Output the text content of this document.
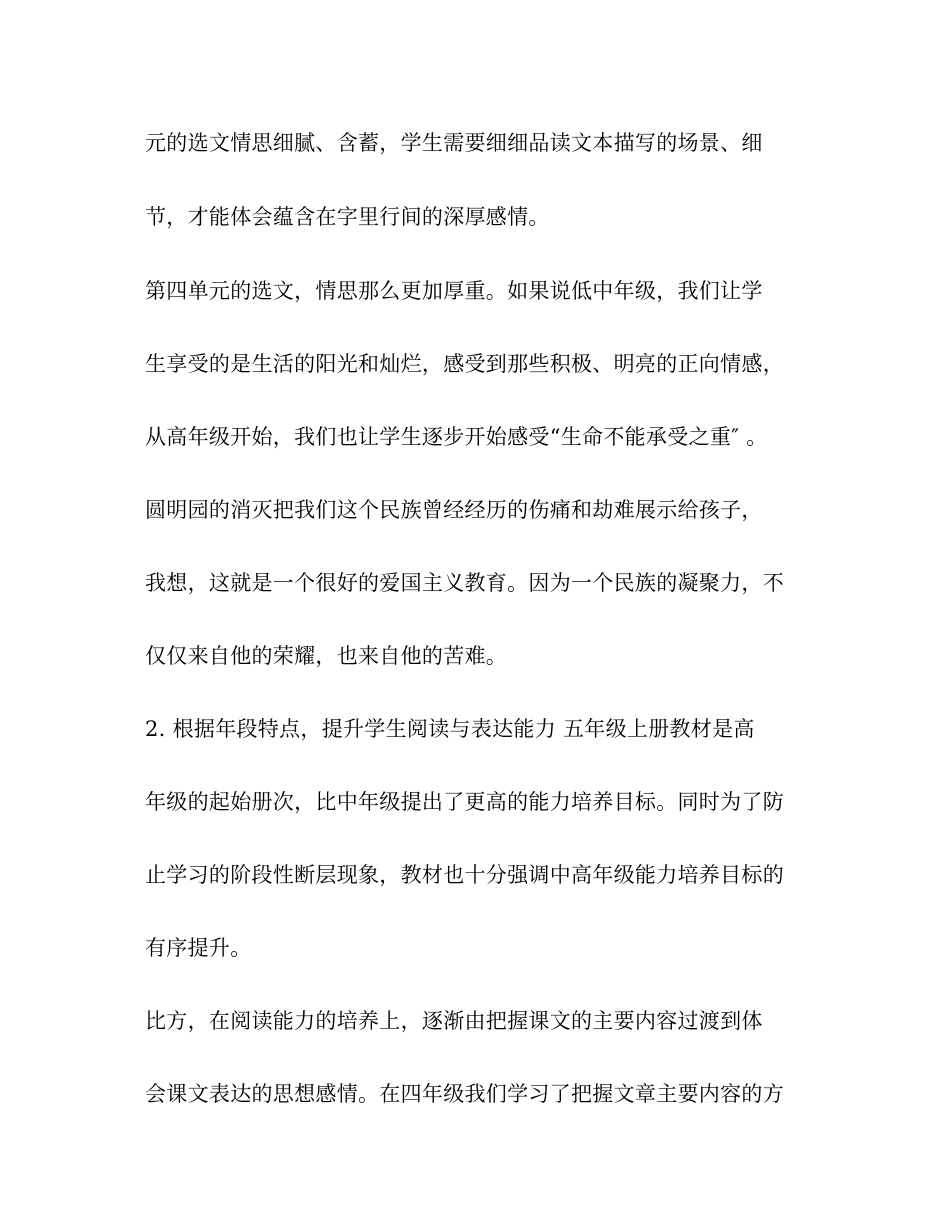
元的选文情思细腻、含蓄，学生需要细细品读文本描写的场景、细
节，才能体会蕴含在字里行间的深厚感情。
第四单元的选文，情思那么更加厚重。如果说低中年级，我们让学
生享受的是生活的阳光和灿烂，感受到那些积极、明亮的正向情感，
从高年级开始，我们也让学生逐步开始感受“生命不能承受之重″ 。
圆明园的消灭把我们这个民族曾经经历的伤痛和劫难展示给孩子，
我想，这就是一个很好的爱国主义教育。因为一个民族的凝聚力，不
仅仅来自他的荣耀，也来自他的苦难。
2. 根据年段特点，提升学生阅读与表达能力 五年级上册教材是高
年级的起始册次，比中年级提出了更高的能力培养目标。同时为了防
止学习的阶段性断层现象，教材也十分强调中高年级能力培养目标的
有序提升。
比方，在阅读能力的培养上，逐渐由把握课文的主要内容过渡到体
会课文表达的思想感情。在四年级我们学习了把握文章主要内容的方
